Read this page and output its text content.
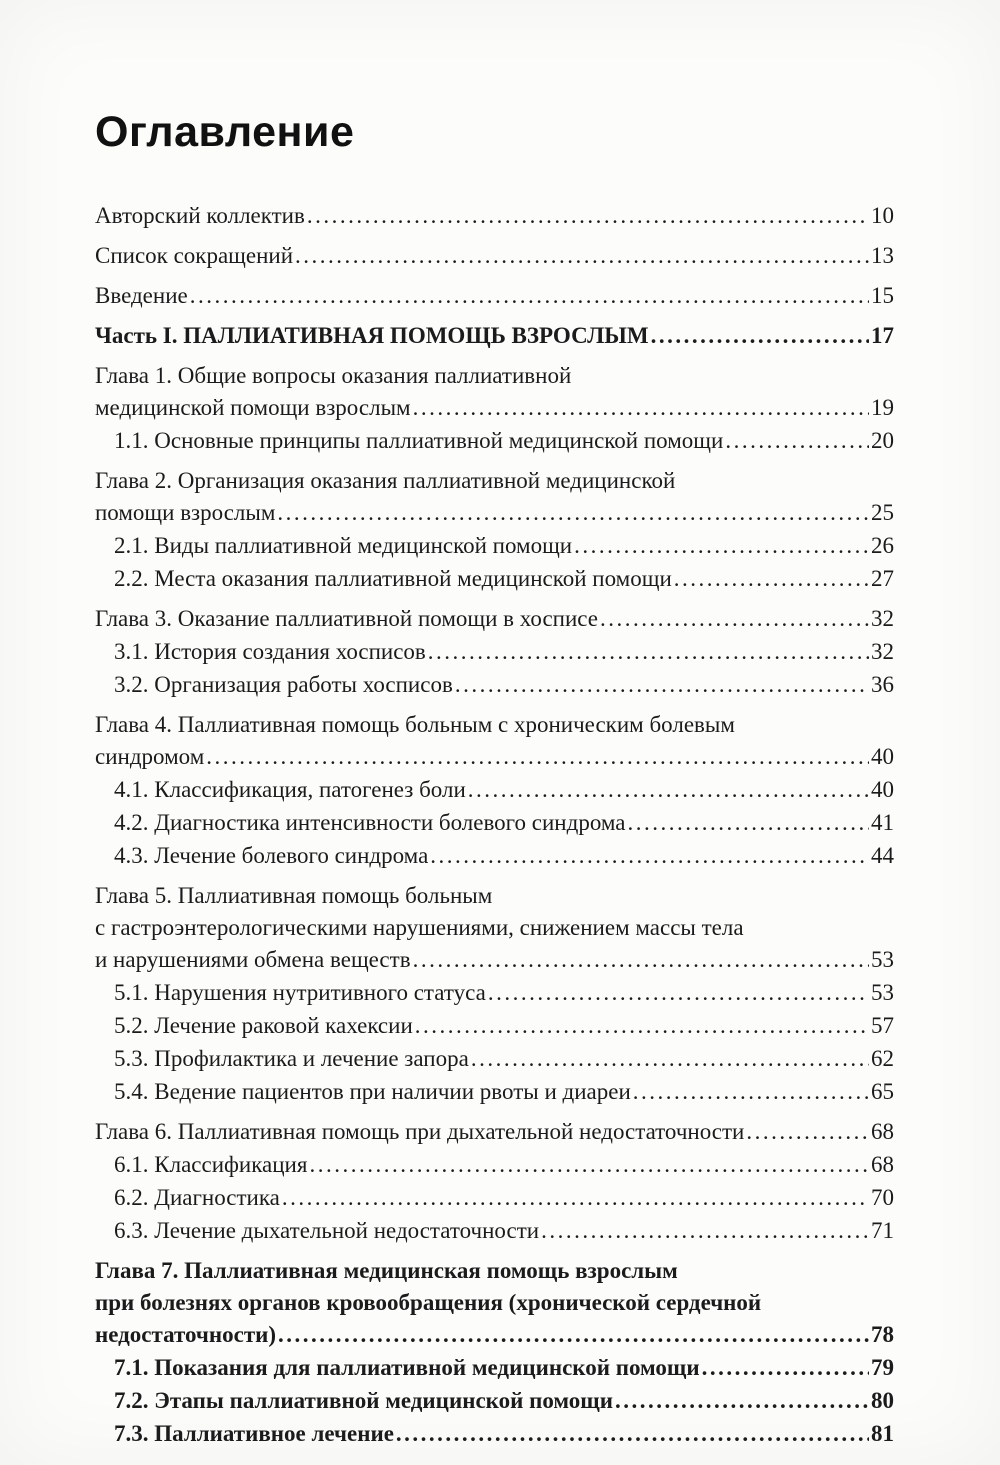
Оглавление
Авторский коллектив .....	10
Список сокращений .....	13
Введение .....	15
Часть I. ПАЛЛИАТИВНАЯ ПОМОЩЬ ВЗРОСЛЫМ .....	17
Глава 1. Общие вопросы оказания паллиативной
медицинской помощи взрослым .....	19
1.1. Основные принципы паллиативной медицинской помощи .....	20
Глава 2. Организация оказания паллиативной медицинской
помощи взрослым .....	25
2.1. Виды паллиативной медицинской помощи .....	26
2.2. Места оказания паллиативной медицинской помощи .....	27
Глава 3. Оказание паллиативной помощи в хосписе .....	32
3.1. История создания хосписов .....	32
3.2. Организация работы хосписов .....	36
Глава 4. Паллиативная помощь больным с хроническим болевым
синдромом .....	40
4.1. Классификация, патогенез боли .....	40
4.2. Диагностика интенсивности болевого синдрома .....	41
4.3. Лечение болевого синдрома .....	44
Глава 5. Паллиативная помощь больным
с гастроэнтерологическими нарушениями, снижением массы тела
и нарушениями обмена веществ .....	53
5.1. Нарушения нутритивного статуса .....	53
5.2. Лечение раковой кахексии .....	57
5.3. Профилактика и лечение запора .....	62
5.4. Ведение пациентов при наличии рвоты и диареи .....	65
Глава 6. Паллиативная помощь при дыхательной недостаточности .....	68
6.1. Классификация .....	68
6.2. Диагностика .....	70
6.3. Лечение дыхательной недостаточности .....	71
Глава 7. Паллиативная медицинская помощь взрослым
при болезнях органов кровообращения (хронической сердечной
недостаточности) .....	78
7.1. Показания для паллиативной медицинской помощи .....	79
7.2. Этапы паллиативной медицинской помощи .....	80
7.3. Паллиативное лечение .....	81
